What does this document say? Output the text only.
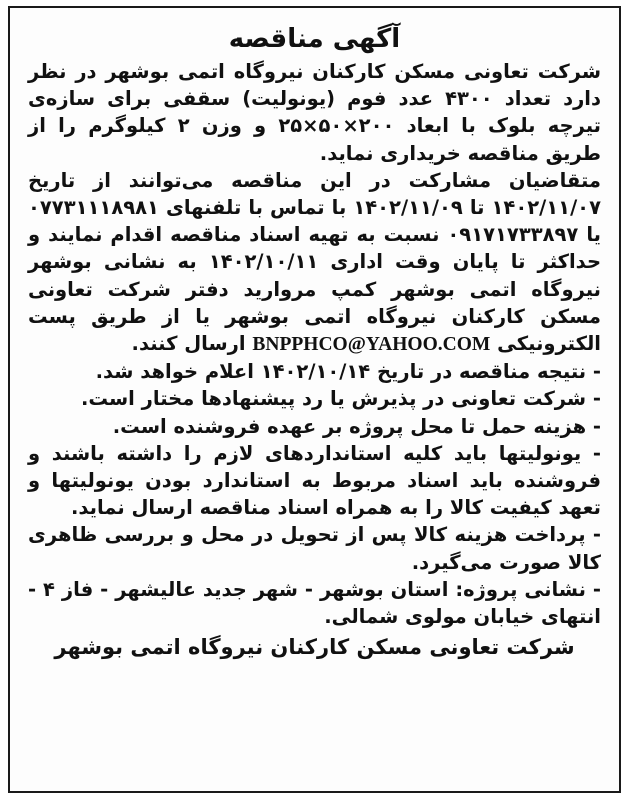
آگهی مناقصه

شرکت تعاونی مسکن کارکنان نیروگاه اتمی بوشهر در نظر دارد تعداد ۴۳۰۰ عدد فوم (یونولیت) سقفی برای سازه‌ی تیرچه بلوک با ابعاد ۲۰۰×۵۰×۲۵ و وزن ۲ کیلوگرم را از طریق مناقصه خریداری نماید.

متقاضیان مشارکت در این مناقصه می‌توانند از تاریخ ۱۴۰۲/۱۱/۰۷ تا ۱۴۰۲/۱۱/۰۹ با تماس با تلفنهای ۰۷۷۳۱۱۱۸۹۸۱ یا ۰۹۱۷۱۷۳۳۸۹۷ نسبت به تهیه اسناد مناقصه اقدام نمایند و حداکثر تا پایان وقت اداری ۱۴۰۲/۱۰/۱۱ به نشانی بوشهر نیروگاه اتمی بوشهر کمپ مروارید دفتر شرکت تعاونی مسکن کارکنان نیروگاه اتمی بوشهر یا از طریق پست الکترونیکی BNPPHCO@YAHOO.COM ارسال کنند.

- نتیجه مناقصه در تاریخ ۱۴۰۲/۱۰/۱۴ اعلام خواهد شد.

- شرکت تعاونی در پذیرش یا رد پیشنهادها مختار است.

- هزینه حمل تا محل پروژه بر عهده فروشنده است.

- یونولیتها باید کلیه استانداردهای لازم را داشته باشند و فروشنده باید اسناد مربوط به استاندارد بودن یونولیتها و تعهد کیفیت کالا را به همراه اسناد مناقصه ارسال نماید.

- پرداخت هزینه کالا پس از تحویل در محل و بررسی ظاهری کالا صورت می‌گیرد.

- نشانی پروژه: استان بوشهر - شهر جدید عالیشهر - فاز ۴ - انتهای خیابان مولوی شمالی.

شرکت تعاونی مسکن کارکنان نیروگاه اتمی بوشهر
